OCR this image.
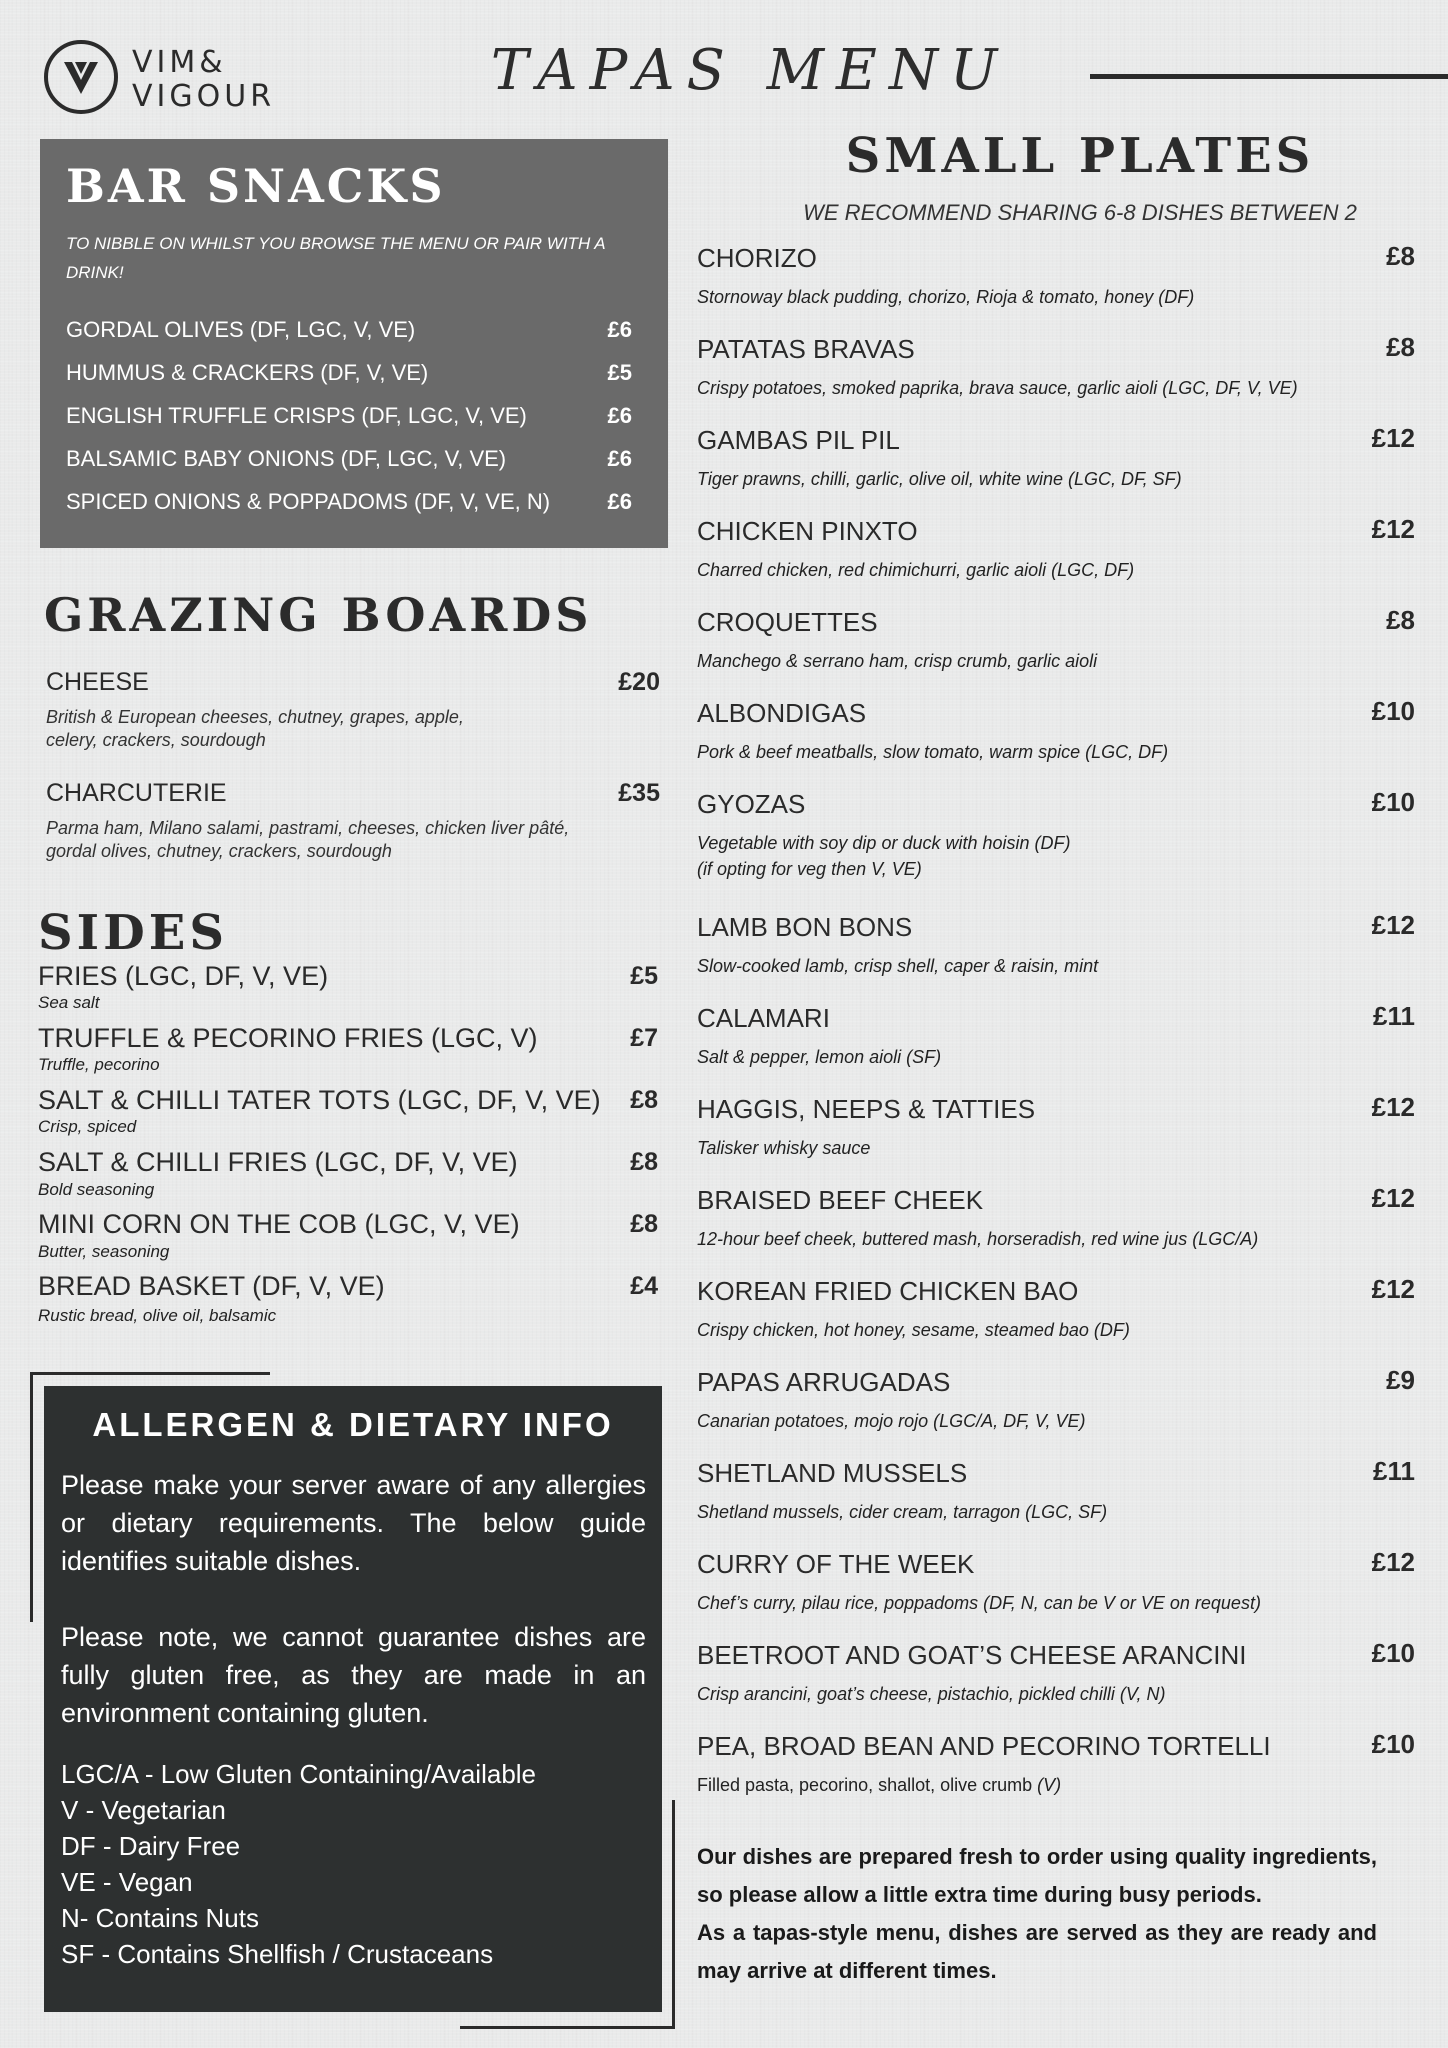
VIM&
VIGOUR	TAPAS MENU
BAR SNACKS
TO NIBBLE ON WHILST YOU BROWSE THE MENU OR PAIR WITH A DRINK!
GORDAL OLIVES (DF, LGC, V, VE)	£6
HUMMUS & CRACKERS (DF, V, VE)	£5
ENGLISH TRUFFLE CRISPS (DF, LGC, V, VE)	£6
BALSAMIC BABY ONIONS (DF, LGC, V, VE)	£6
SPICED ONIONS & POPPADOMS (DF, V, VE, N)	£6
GRAZING BOARDS
CHEESE	£20
British & European cheeses, chutney, grapes, apple,
celery, crackers, sourdough
CHARCUTERIE	£35
Parma ham, Milano salami, pastrami, cheeses, chicken liver pâté,
gordal olives, chutney, crackers, sourdough
SIDES
FRIES (LGC, DF, V, VE)	£5
Sea salt
TRUFFLE & PECORINO FRIES (LGC, V)	£7
Truffle, pecorino
SALT & CHILLI TATER TOTS (LGC, DF, V, VE)	£8
Crisp, spiced
SALT & CHILLI FRIES (LGC, DF, V, VE)	£8
Bold seasoning
MINI CORN ON THE COB (LGC, V, VE)	£8
Butter, seasoning
BREAD BASKET (DF, V, VE)	£4
Rustic bread, olive oil, balsamic
ALLERGEN & DIETARY INFO
Please make your server aware of any allergies or dietary requirements. The below guide identifies suitable dishes.
Please note, we cannot guarantee dishes are fully gluten free, as they are made in an environment containing gluten.
LGC/A - Low Gluten Containing/Available
V - Vegetarian
DF - Dairy Free
VE - Vegan
N- Contains Nuts
SF - Contains Shellfish / Crustaceans
SMALL PLATES
WE RECOMMEND SHARING 6-8 DISHES BETWEEN 2
CHORIZO	£8
Stornoway black pudding, chorizo, Rioja & tomato, honey (DF)
PATATAS BRAVAS	£8
Crispy potatoes, smoked paprika, brava sauce, garlic aioli (LGC, DF, V, VE)
GAMBAS PIL PIL	£12
Tiger prawns, chilli, garlic, olive oil, white wine (LGC, DF, SF)
CHICKEN PINXTO	£12
Charred chicken, red chimichurri, garlic aioli (LGC, DF)
CROQUETTES	£8
Manchego & serrano ham, crisp crumb, garlic aioli
ALBONDIGAS	£10
Pork & beef meatballs, slow tomato, warm spice (LGC, DF)
GYOZAS	£10
Vegetable with soy dip or duck with hoisin (DF)
(if opting for veg then V, VE)
LAMB BON BONS	£12
Slow-cooked lamb, crisp shell, caper & raisin, mint
CALAMARI	£11
Salt & pepper, lemon aioli (SF)
HAGGIS, NEEPS & TATTIES	£12
Talisker whisky sauce
BRAISED BEEF CHEEK	£12
12-hour beef cheek, buttered mash, horseradish, red wine jus (LGC/A)
KOREAN FRIED CHICKEN BAO	£12
Crispy chicken, hot honey, sesame, steamed bao (DF)
PAPAS ARRUGADAS	£9
Canarian potatoes, mojo rojo (LGC/A, DF, V, VE)
SHETLAND MUSSELS	£11
Shetland mussels, cider cream, tarragon (LGC, SF)
CURRY OF THE WEEK	£12
Chef’s curry, pilau rice, poppadoms (DF, N, can be V or VE on request)
BEETROOT AND GOAT’S CHEESE ARANCINI	£10
Crisp arancini, goat’s cheese, pistachio, pickled chilli (V, N)
PEA, BROAD BEAN AND PECORINO TORTELLI	£10
Filled pasta, pecorino, shallot, olive crumb (V)
Our dishes are prepared fresh to order using quality ingredients, so please allow a little extra time during busy periods.
As a tapas-style menu, dishes are served as they are ready and may arrive at different times.
